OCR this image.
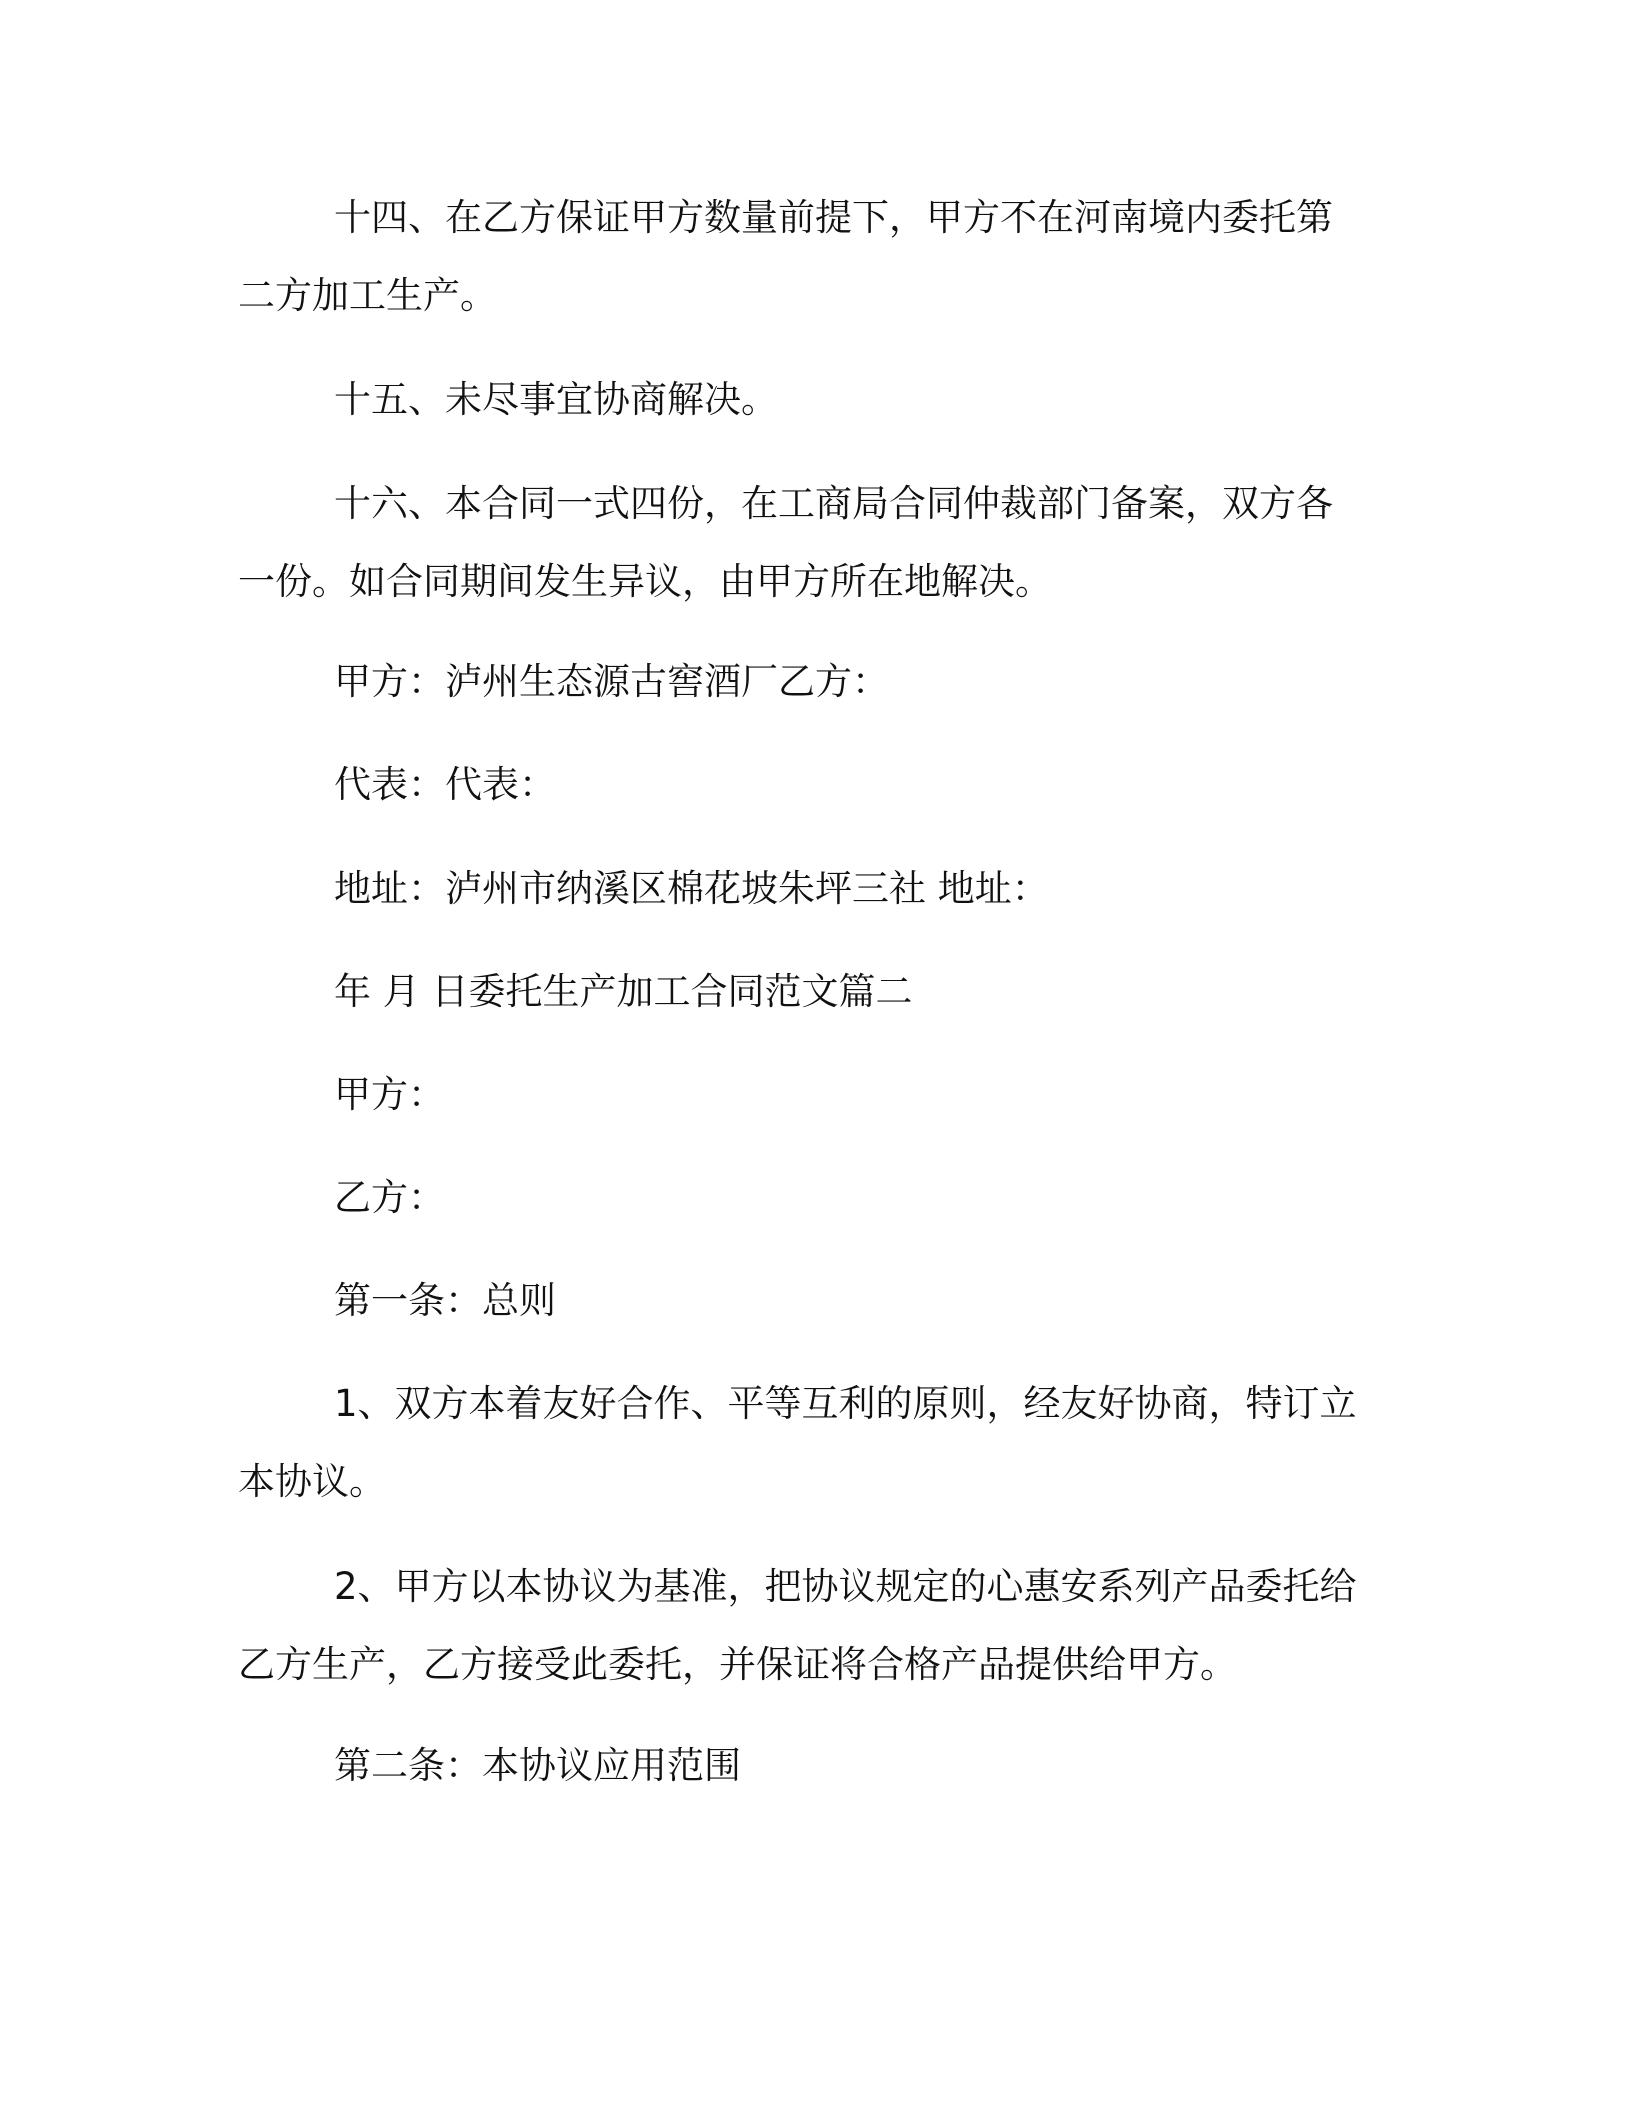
十四、在乙方保证甲方数量前提下，甲方不在河南境内委托第二方加工生产。
十五、未尽事宜协商解决。
十六、本合同一式四份，在工商局合同仲裁部门备案，双方各一份。如合同期间发生异议，由甲方所在地解决。
甲方：泸州生态源古窖酒厂乙方：
代表：代表：
地址：泸州市纳溪区棉花坡朱坪三社 地址：
年 月 日委托生产加工合同范文篇二
甲方：
乙方：
第一条：总则
1、双方本着友好合作、平等互利的原则，经友好协商，特订立本协议。
2、甲方以本协议为基准，把协议规定的心惠安系列产品委托给乙方生产，乙方接受此委托，并保证将合格产品提供给甲方。
第二条：本协议应用范围
